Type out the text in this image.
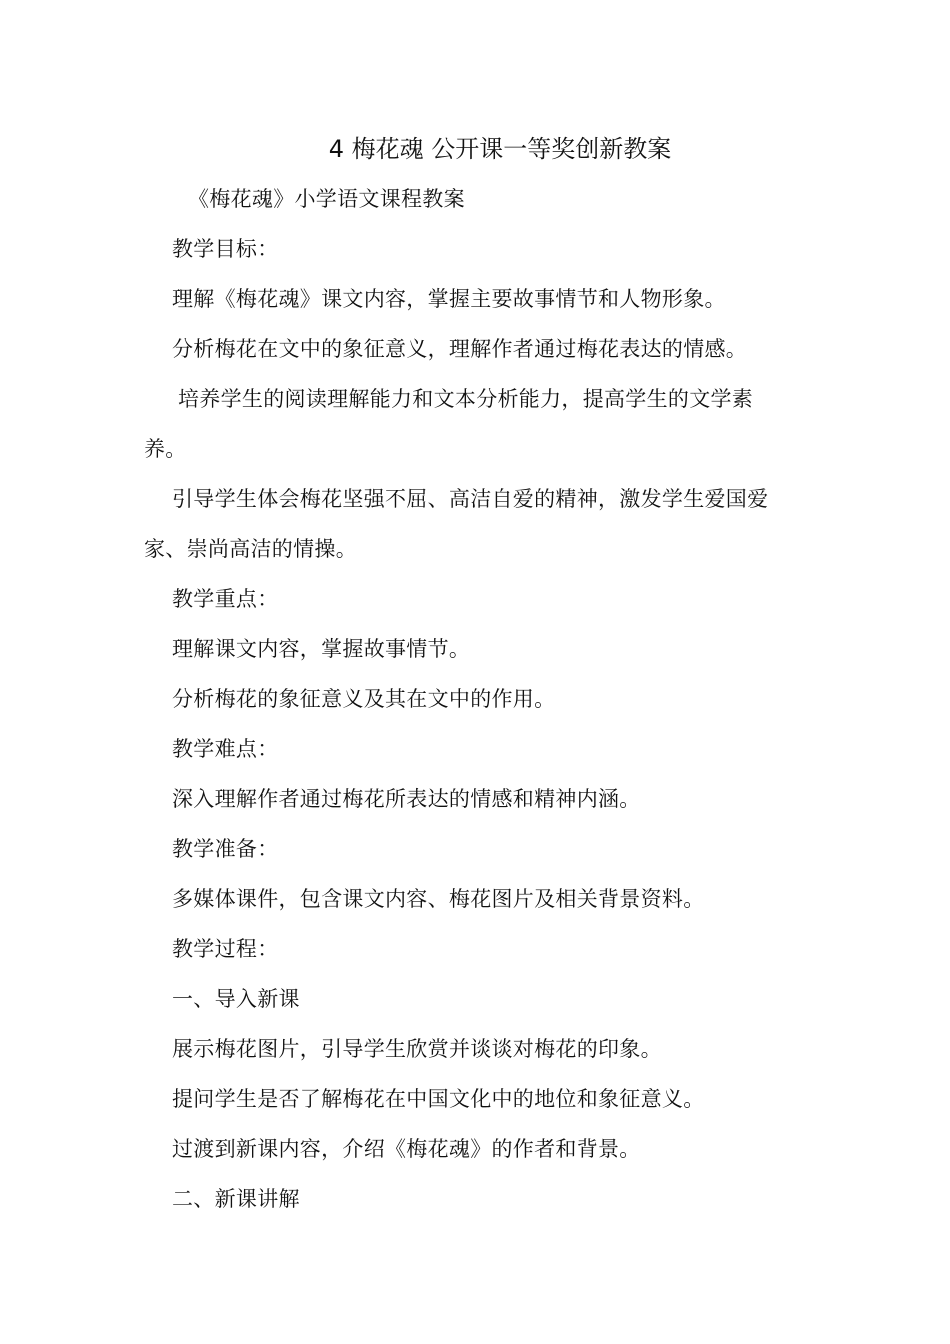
4 梅花魂 公开课一等奖创新教案
《梅花魂》小学语文课程教案
教学目标：
理解《梅花魂》课文内容，掌握主要故事情节和人物形象。
分析梅花在文中的象征意义，理解作者通过梅花表达的情感。
培养学生的阅读理解能力和文本分析能力，提高学生的文学素
养。
引导学生体会梅花坚强不屈、高洁自爱的精神，激发学生爱国爱
家、崇尚高洁的情操。
教学重点：
理解课文内容，掌握故事情节。
分析梅花的象征意义及其在文中的作用。
教学难点：
深入理解作者通过梅花所表达的情感和精神内涵。
教学准备：
多媒体课件，包含课文内容、梅花图片及相关背景资料。
教学过程：
一、导入新课
展示梅花图片，引导学生欣赏并谈谈对梅花的印象。
提问学生是否了解梅花在中国文化中的地位和象征意义。
过渡到新课内容，介绍《梅花魂》的作者和背景。
二、新课讲解
